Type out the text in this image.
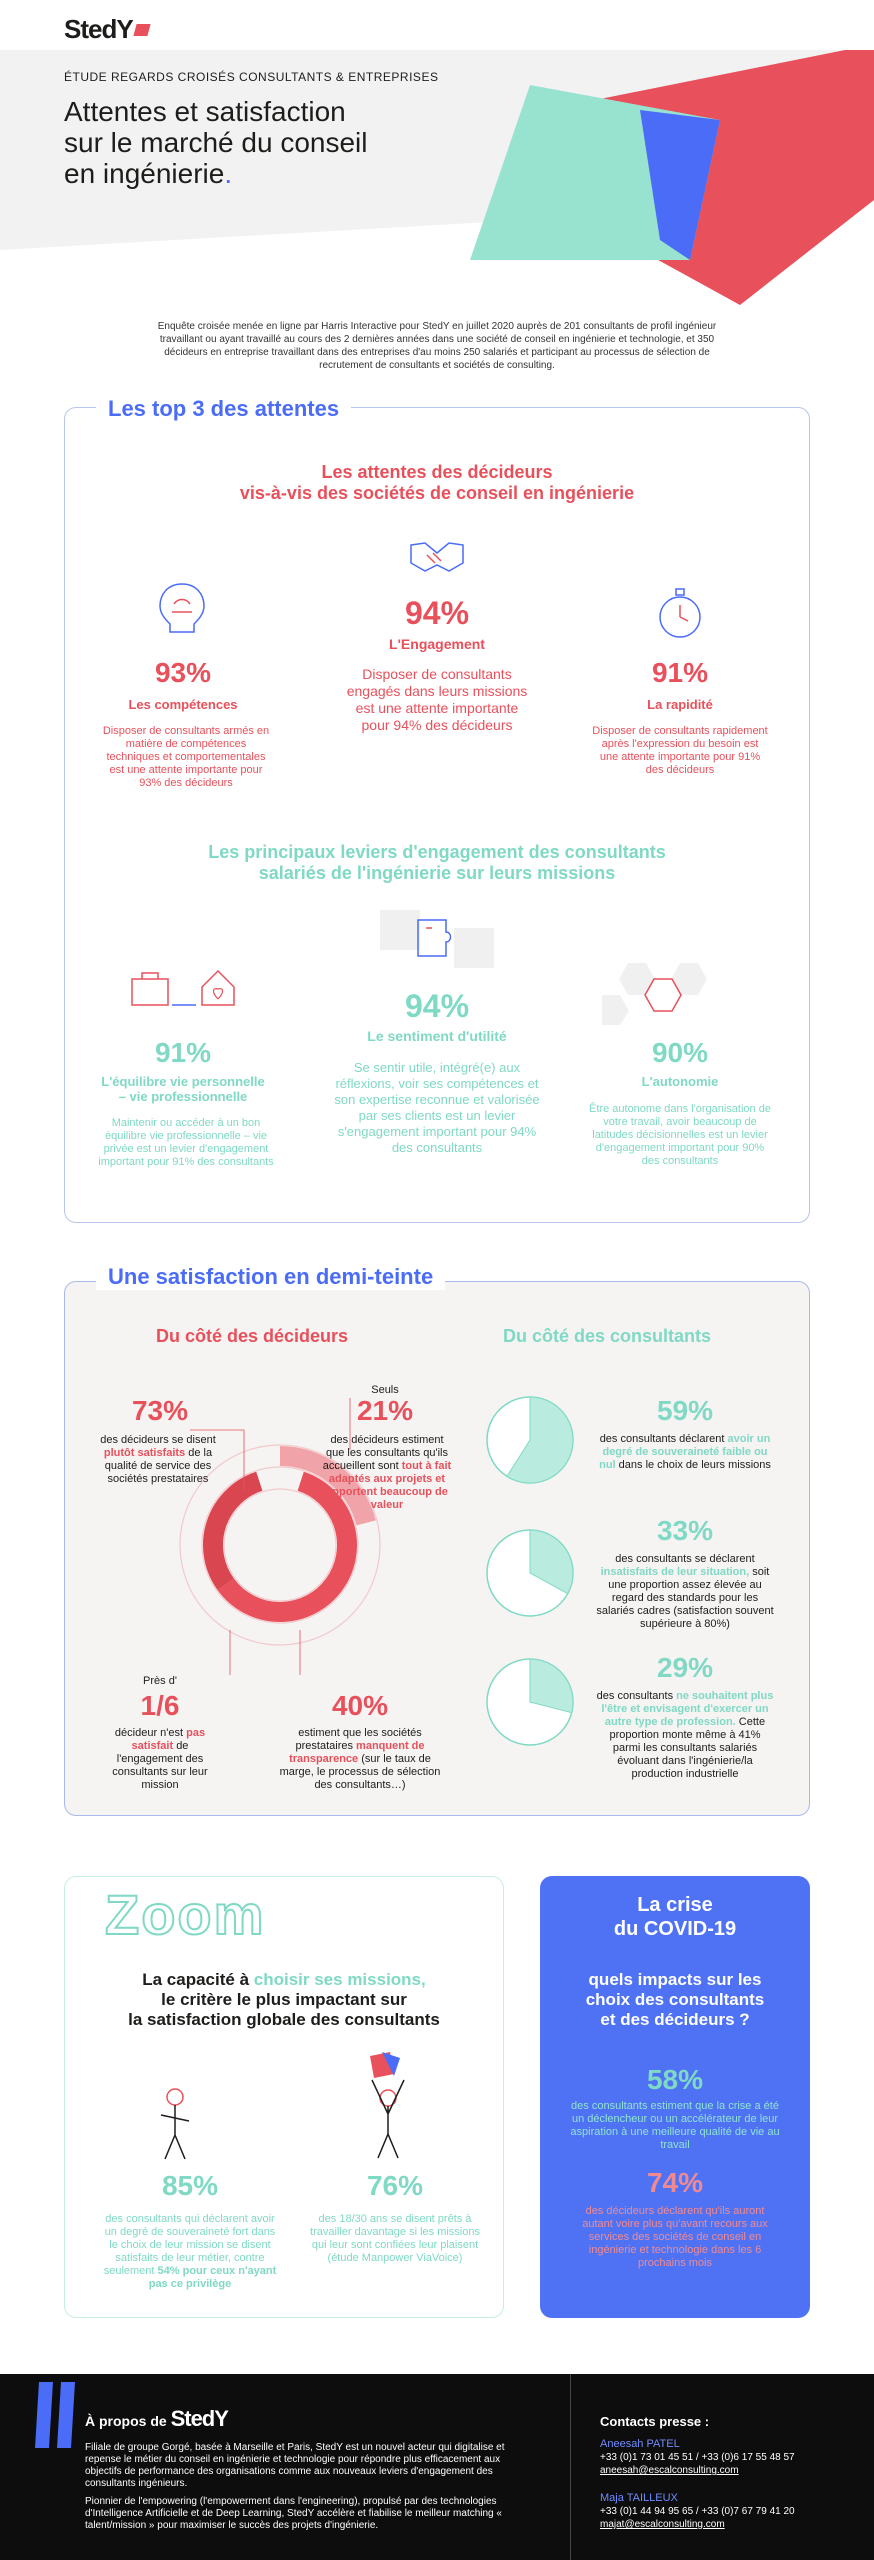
StedY
ÉTUDE REGARDS CROISÉS CONSULTANTS & ENTREPRISES
Attentes et satisfaction
sur le marché du conseil
en ingénierie.
Enquête croisée menée en ligne par Harris Interactive pour StedY en juillet 2020 auprès de 201 consultants de profil ingénieur travaillant ou ayant travaillé au cours des 2 dernières années dans une société de conseil en ingénierie et technologie, et 350 décideurs en entreprise travaillant dans des entreprises d'au moins 250 salariés et participant au processus de sélection de recrutement de consultants et sociétés de consulting.
Les top 3 des attentes
Les attentes des décideurs
vis-à-vis des sociétés de conseil en ingénierie
94%
L'Engagement
Disposer de consultants engagés dans leurs missions est une attente importante pour 94% des décideurs
93%
Les compétences
Disposer de consultants armés en matière de compétences techniques et comportementales est une attente importante pour 93% des décideurs
91%
La rapidité
Disposer de consultants rapidement après l'expression du besoin est une attente importante pour 91% des décideurs
Les principaux leviers d'engagement des consultants
salariés de l'ingénierie sur leurs missions
94%
Le sentiment d'utilité
Se sentir utile, intégré(e) aux réflexions, voir ses compétences et son expertise reconnue et valorisée par ses clients est un levier s'engagement important pour 94% des consultants
91%
L'équilibre vie personnelle
– vie professionnelle
Maintenir ou accéder à un bon équilibre vie professionnelle – vie privée est un levier d'engagement important pour 91% des consultants
90%
L'autonomie
Être autonome dans l'organisation de votre travail, avoir beaucoup de latitudes décisionnelles est un levier d'engagement important pour 90% des consultants
Une satisfaction en demi-teinte
Du côté des décideurs	Du côté des consultants
73%
des décideurs se disent plutôt satisfaits de la qualité de service des sociétés prestataires
Seuls
21%
des décideurs estiment que les consultants qu'ils accueillent sont tout à fait adaptés aux projets et apportent beaucoup de valeur
Près d'
1/6
décideur n'est pas satisfait de l'engagement des consultants sur leur mission
40%
estiment que les sociétés prestataires manquent de transparence (sur le taux de marge, le processus de sélection des consultants…)
59%
des consultants déclarent avoir un degré de souveraineté faible ou nul dans le choix de leurs missions
33%
des consultants se déclarent insatisfaits de leur situation, soit une proportion assez élevée au regard des standards pour les salariés cadres (satisfaction souvent supérieure à 80%)
29%
des consultants ne souhaitent plus l'être et envisagent d'exercer un autre type de profession. Cette proportion monte même à 41% parmi les consultants salariés évoluant dans l'ingénierie/la production industrielle
Zoom
La capacité à choisir ses missions,
le critère le plus impactant sur
la satisfaction globale des consultants
85%
des consultants qui déclarent avoir un degré de souveraineté fort dans le choix de leur mission se disent satisfaits de leur métier, contre seulement 54% pour ceux n'ayant pas ce privilège
76%
des 18/30 ans se disent prêts à travailler davantage si les missions qui leur sont confiées leur plaisent (étude Manpower ViaVoice)
La crise
du COVID-19
quels impacts sur les
choix des consultants
et des décideurs ?
58%
des consultants estiment que la crise a été un déclencheur ou un accélérateur de leur aspiration à une meilleure qualité de vie au travail
74%
des décideurs déclarent qu'ils auront autant voire plus qu'avant recours aux services des sociétés de conseil en ingénierie et technologie dans les 6 prochains mois
À propos de StedY
Filiale de groupe Gorgé, basée à Marseille et Paris, StedY est un nouvel acteur qui digitalise et repense le métier du conseil en ingénierie et technologie pour répondre plus efficacement aux objectifs de performance des organisations comme aux nouveaux leviers d'engagement des consultants ingénieurs.
Pionnier de l'empowering (l'empowerment dans l'engineering), propulsé par des technologies d'Intelligence Artificielle et de Deep Learning, StedY accélère et fiabilise le meilleur matching « talent/mission » pour maximiser le succès des projets d'ingénierie.
Contacts presse :
Aneesah PATEL
+33 (0)1 73 01 45 51 / +33 (0)6 17 55 48 57
aneesah@escalconsulting.com
Maja TAILLEUX
+33 (0)1 44 94 95 65 / +33 (0)7 67 79 41 20
majat@escalconsulting.com
